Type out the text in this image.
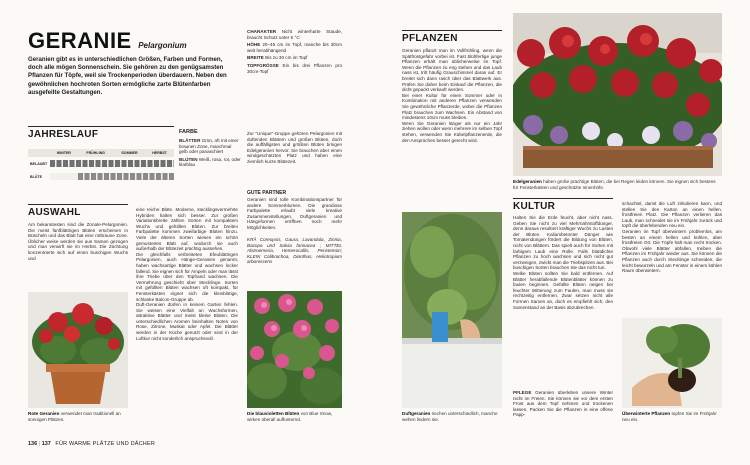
GERANIE Pelargonium
Geranien gibt es in unterschiedlichen Größen, Farben und Formen, doch alle mögen Sonnenschein. Sie gehören zu den genügsamsten Pflanzen für Töpfe, weil sie Trockenperioden überdauern. Neben den gewöhnlichen hochroten Sorten ermögliche zarte Blütenfarben ausgefeilte Gestaltungen.
CHARAKTER Nicht winterharte Staude, braucht Schutz unter 5 °C
HÖHE 20–45 cm im Topf, manche bis 30cm weit herabhängend
BREITE Bis zu 30 cm im Topf
TOPFGRÖSSE Ein bis drei Pflanzen pro 30cm-Topf
JAHRESLAUF
	WINTER	FRÜHLING	SOMMER	HERBST
BELAUBT				

BLÜTE			

FARBE
BLÄTTER Grün, oft mit einer braunen Zone, manchmal gelb oder panaschiert
BLÜTEN Weiß, rosa, rot, oder klarblau
Zur "Unique"-Gruppe gehören Pelargonien mit duftenden Blättern und großen Blüten, doch die auffälligsten und größten Blüten bringen Edelgeranien hervor. Sie brauchen aber einen windgeschützten Platz und haben eine ziemlich kurze Blütezeit.
GUTE PARTNER
Geranien sind tolle Kombinationspartner für andere Sommerblumen. Die grandiose Farbpalette erlaubt viele kreative Zusammenstellungen, Duftgeranien und Hängeformen eröffnen noch mehr Möglichkeiten.
KRÄ Coreopsis, Gaura, Lavandula, Zinnia, Bacopa und Salvia farinacea ; MITTEL Alstroemeria, Hemerocallis, Penstemon; KLEIN Calibrachoa, Dianthus, Heliotropium arborescens
AUSWAHL
Am bekanntesten sind die Zonale-Pelargonien. Die meist fünfblättrigen Blüten erscheinen in Büscheln und das Blatt hat eine rotbraune Zone. Üblicher weise werden sie aus Samen gezogen und man verwirft sie im Herbst. Die Züchtung konzentrierte sich auf einen buschigen Wuchs und
eine reiche Blüte. Moderne, stecklingsvermehrte Hybriden halten sich besser. Zur großen Variationsbreite zählen Sorten mit kompaktem Wuchs und gefüllten Blüten. Zur breiten Farbpalette kommen zweifarbige Blüten hinzu. Viele der älteren Sorten wiesen ein schön gemustertes Blatt auf, wodurch sie auch außerhalb der Blütezeit prächtig aussehen.
Die gleichfalls verbreiteten Efeublättrigen Pelargonien, auch Hänge-Geranien genannt, haben wachsartige Blätter und wachsen locker fallend. Sie eignen sich für Ampeln oder man lässt ihre Triebe über den Topfrand wachsen. Die Vermehrung geschieht über Stecklinge. Sorten mit gefüllten Blüten wachsen oft kompakt, für Fensterkästen eignet sich die kleinblütige, schlanke Balcon-Gruppe ab.
Duft-Geranien dürfen in keinem Garten fehlen. Sie weisen eine Vielfalt an Wuchsformen, attraktive Blätter und meist kleine Blüten. Die unterschiedlichen Aromen beinhalten Noten von Rose, Zitrone, Muskat oder Apfel. Die Blätter werden in der Küche genutzt oder sind in der Luftkur nicht sonderlich anspruchsvoll.
Rote Geranien verwendet man traditionell an sonnigen Plätzen.
Die blauvioletten Blüten von Blue Snow, wirken überall auffunternd.
136 | 137 FÜR WARME PLÄTZE UND DÄCHER
PFLANZEN
Geranien pflanzt man im Vollfrühling, wenn die Spätfrostgefahr vorbei ist. Fast blühfertige junge Pflanzen erhält man üblicherweise im Topf. Wenn die Pflanzen zu eng stehen und das Laub nass ist, tritt häufig Grauschimmel daran auf. Er breitet sich dann rasch über das Blattwerk aus. Prüfen Sie daher beim Einkauf die Pflanzen, die dicht gepackt verkauft werden.
Bei einer Kultur für einen Sommer oder in Kombination mit anderen Pflanzen verwenden Sie gewöhnliche Pflanzerde, wobei die Pflanzen Platz brauchen zum Wachsen. Ein Abstand von mindestens 10cm muss bleiben.
Wenn Sie Geranien länger als nur ein Jahr ziehen wollen oder wenn mehrere im selben Topf stehen, verwenden Sie Kübelpflanzenerde, die den Ansprüchen besser gerecht wird.
Duftgeranien riechen unterschiedlich, manche wehen lindern sie.
Edelgeranien haben große prächtige Blüten, die bei Regen leiden können. Sie eignen sich bestens für Fensterkästen und geschützte Innenhöfe.
KULTUR
Halten Sie die Erde feucht, aber nicht nass. Geben Sie nicht zu viel Mehrnährstoffdünger, denn daraus resultiert kräftiger Wuchs zu Lasten der Blüten. Kaliumbetonter Dünger wie Tomatendüngen fördert die Bildung von Blüten, nicht von Blättern. Das spielt auch für Sorten mit farbigem Laub eine Rolle. Falls blattdichte Pflanzen zu hoch wachsen und sich nicht gut verzweigen, zwickt man die Triebspitzen aus. Bei buschigen Sorten brauchen Sie das nicht tun.
Welke Blüten sollten Sie bald entfernen. Auf Blätter herabfallende Blütenblätter können zu faulen beginnen. Gefüllte Blüten neigen bei feuchter Witterung zum Faulen, man muss sie rechtzeitig entfernen. Zwar setzen nicht alle Formen Samen an, doch es empfiehlt sich, den Samenstand an der Basis abzubrechen.
PFLEGE Geranien überleben unsere Winter nicht im Freien. Sie können sie vor dem ersten Frost aus dem Topf nehmen und trockenen lassen. Packen Sie die Pflanzen in eine offene Papp-
schachtel, damit die Luft zirkulieren kann, und stellen Sie den Karton an einen hellen, frostfreien Platz. Die Pflanzen verlieren das Laub, man schneidet sie im Frühjahr zurück und topft die überlebenden neu ein.
Geranien im Topf überwintern problemlos, am besten an einem hellen und kühlen, aber frostfreien Ort. Die Töpfe hält man recht trocken. Obwohl viele Blätter abfallen, treiben die Pflanzen im Frühjahr wieder aus. Sie können die Pflanzen auch durch Stecklinge schneiden, die leicht bewurzeln und am Fenster in einem kühlen Raum überwintern.
Überwinterte Pflanzen topfen Sie im Frühjahr neu ein.
